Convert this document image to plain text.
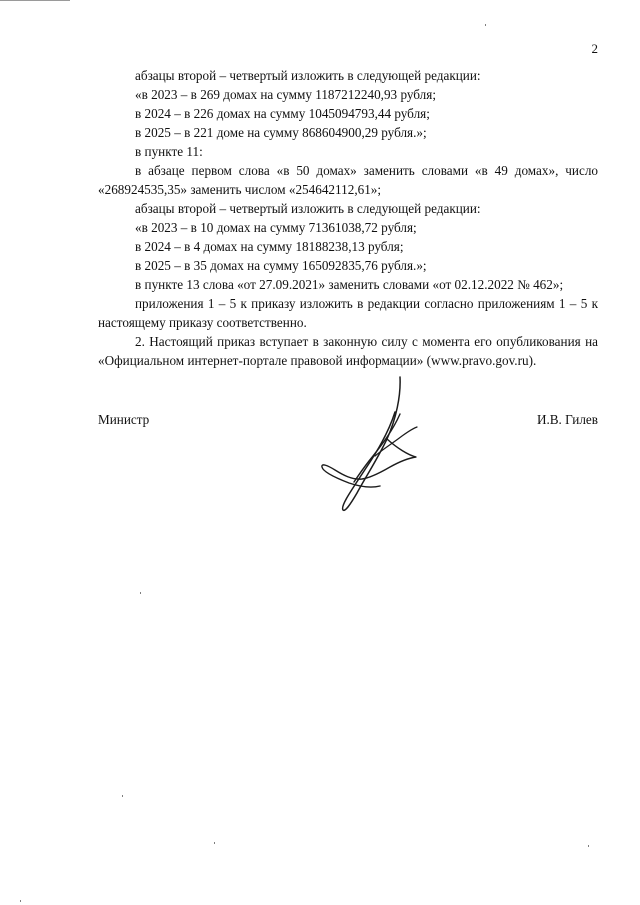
2

абзацы второй – четвертый изложить в следующей редакции:

«в 2023 – в 269 домах на сумму 1187212240,93 рубля;

в 2024 – в 226 домах на сумму 1045094793,44 рубля;

в 2025 – в 221 доме на сумму 868604900,29 рубля.»;

в пункте 11:

в абзаце первом слова «в 50 домах» заменить словами «в 49 домах», число «268924535,35» заменить числом «254642112,61»;

абзацы второй – четвертый изложить в следующей редакции:

«в 2023 – в 10 домах на сумму 71361038,72 рубля;

в 2024 – в 4 домах на сумму 18188238,13 рубля;

в 2025 – в 35 домах на сумму 165092835,76 рубля.»;

в пункте 13 слова «от 27.09.2021» заменить словами «от 02.12.2022 № 462»;

приложения 1 – 5 к приказу изложить в редакции согласно приложениям 1 – 5 к настоящему приказу соответственно.

2. Настоящий приказ вступает в законную силу с момента его опубликования на «Официальном интернет-портале правовой информации» (www.pravo.gov.ru).

Министр	И.В. Гилев
